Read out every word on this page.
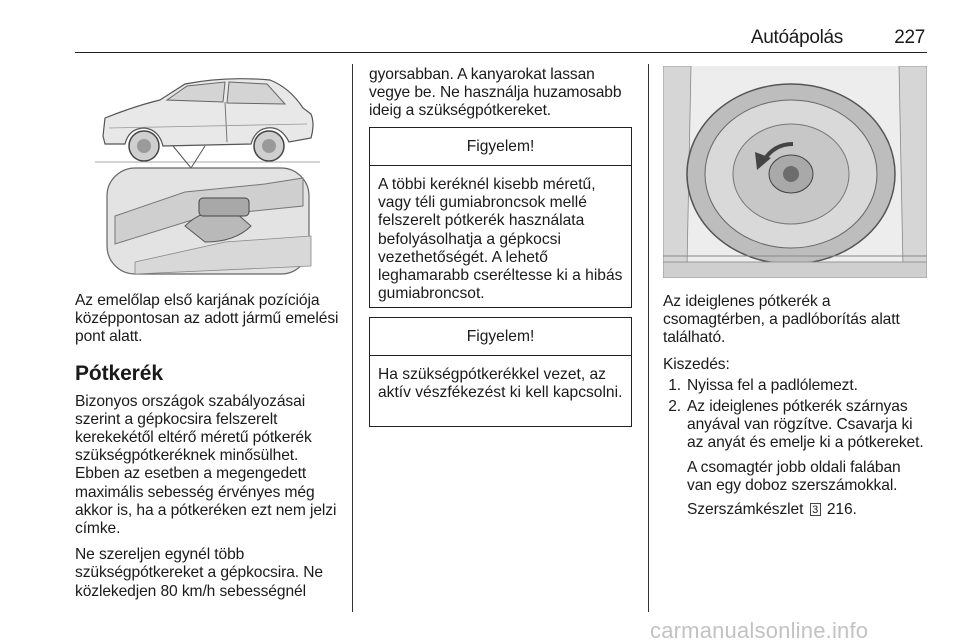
Autóápolás	227
Az emelőlap első karjának pozíciója középpontosan az adott jármű emelési pont alatt.
Pótkerék
Bizonyos országok szabályozásai szerint a gépkocsira felszerelt kerekekétől eltérő méretű pótkerék szükségpótkeréknek minősülhet. Ebben az esetben a megengedett maximális sebesség érvényes még akkor is, ha a pótkeréken ezt nem jelzi címke.
Ne szereljen egynél több szükségpótkereket a gépkocsira. Ne közlekedjen 80 km/h sebességnél
gyorsabban. A kanyarokat lassan vegye be. Ne használja huzamosabb ideig a szükségpótkereket.
Figyelem!
A többi keréknél kisebb méretű, vagy téli gumiabroncsok mellé felszerelt pótkerék használata befolyásolhatja a gépkocsi vezethetőségét. A lehető leghamarabb cseréltesse ki a hibás gumiabroncsot.
Figyelem!
Ha szükségpótkerékkel vezet, az aktív vészfékezést ki kell kapcsolni.
Az ideiglenes pótkerék a csomagtérben, a padlóborítás alatt található.
Kiszedés:
1. Nyissa fel a padlólemezt.
2. Az ideiglenes pótkerék szárnyas anyával van rögzítve. Csavarja ki az anyát és emelje ki a pótkereket.
A csomagtér jobb oldali falában van egy doboz szerszámokkal.
Szerszámkészlet 3 216.
carmanualsonline.info
